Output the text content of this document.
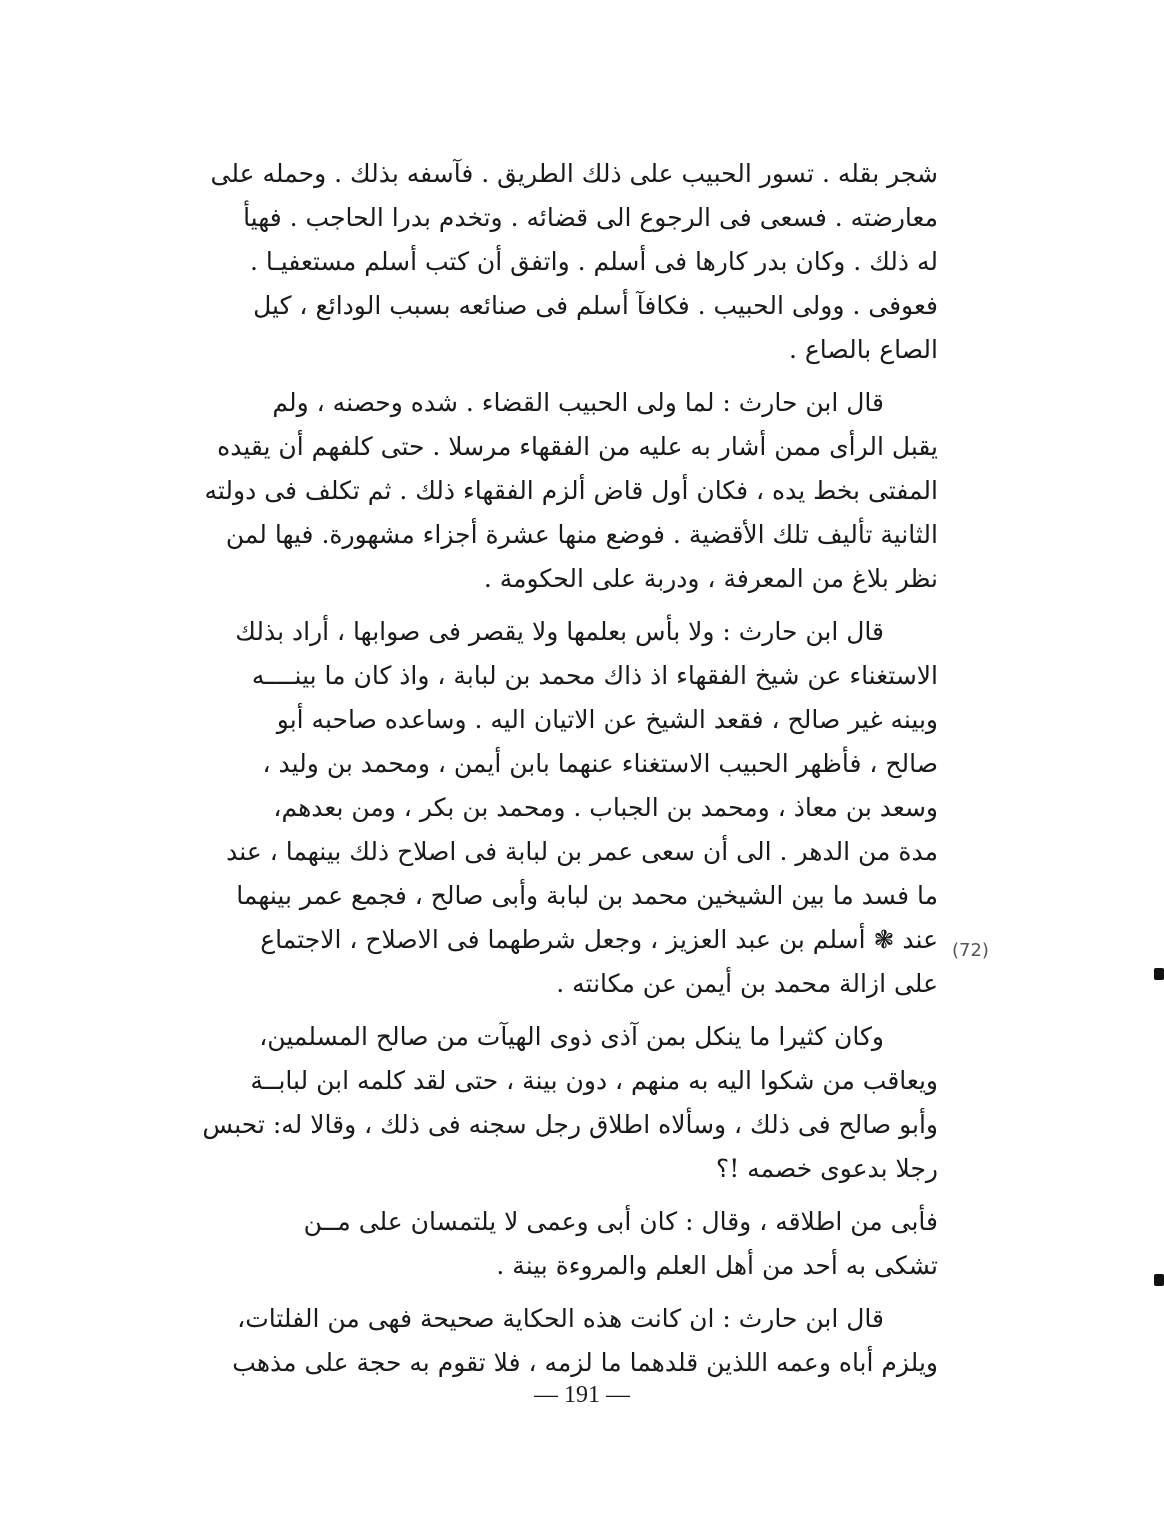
شجر بقله . تسور الحبيب على ذلك الطريق . فآسفه بذلك . وحمله على
معارضته . فسعى فى الرجوع الى قضائه . وتخدم بدرا الحاجب . فهيأ
له ذلك . وكان بدر كارها فى أسلم . واتفق أن كتب أسلم مستعفيـا .
فعوفى . وولى الحبيب . فكافآ أسلم فى صنائعه بسبب الودائع ، كيل
الصاع بالصاع .
قال ابن حارث : لما ولى الحبيب القضاء . شده وحصنه ، ولم
يقبل الرأى ممن أشار به عليه من الفقهاء مرسلا . حتى كلفهم أن يقيده
المفتى بخط يده ، فكان أول قاض ألزم الفقهاء ذلك . ثم تكلف فى دولته
الثانية تأليف تلك الأقضية . فوضع منها عشرة أجزاء مشهورة. فيها لمن
نظر بلاغ من المعرفة ، ودربة على الحكومة .
قال ابن حارث : ولا بأس بعلمها ولا يقصر فى صوابها ، أراد بذلك
الاستغناء عن شيخ الفقهاء اذ ذاك محمد بن لبابة ، واذ كان ما بينــــه
وبينه غير صالح ، فقعد الشيخ عن الاتيان اليه . وساعده صاحبه أبو
صالح ، فأظهر الحبيب الاستغناء عنهما بابن أيمن ، ومحمد بن وليد ،
وسعد بن معاذ ، ومحمد بن الجباب . ومحمد بن بكر ، ومن بعدهم،
مدة من الدهر . الى أن سعى عمر بن لبابة فى اصلاح ذلك بينهما ، عند
ما فسد ما بين الشيخين محمد بن لبابة وأبى صالح ، فجمع عمر بينهما
عند ❃ أسلم بن عبد العزيز ، وجعل شرطهما فى الاصلاح ، الاجتماع
على ازالة محمد بن أيمن عن مكانته .
وكان كثيرا ما ينكل بمن آذى ذوى الهيآت من صالح المسلمين،
ويعاقب من شكوا اليه به منهم ، دون بينة ، حتى لقد كلمه ابن لبابــة
وأبو صالح فى ذلك ، وسألاه اطلاق رجل سجنه فى ذلك ، وقالا له: تحبس
رجلا بدعوى خصمه !؟
فأبى من اطلاقه ، وقال : كان أبى وعمى لا يلتمسان على مــن
تشكى به أحد من أهل العلم والمروءة بينة .
قال ابن حارث : ان كانت هذه الحكاية صحيحة فهى من الفلتات،
ويلزم أباه وعمه اللذين قلدهما ما لزمه ، فلا تقوم به حجة على مذهب
(72)
— 191 —
